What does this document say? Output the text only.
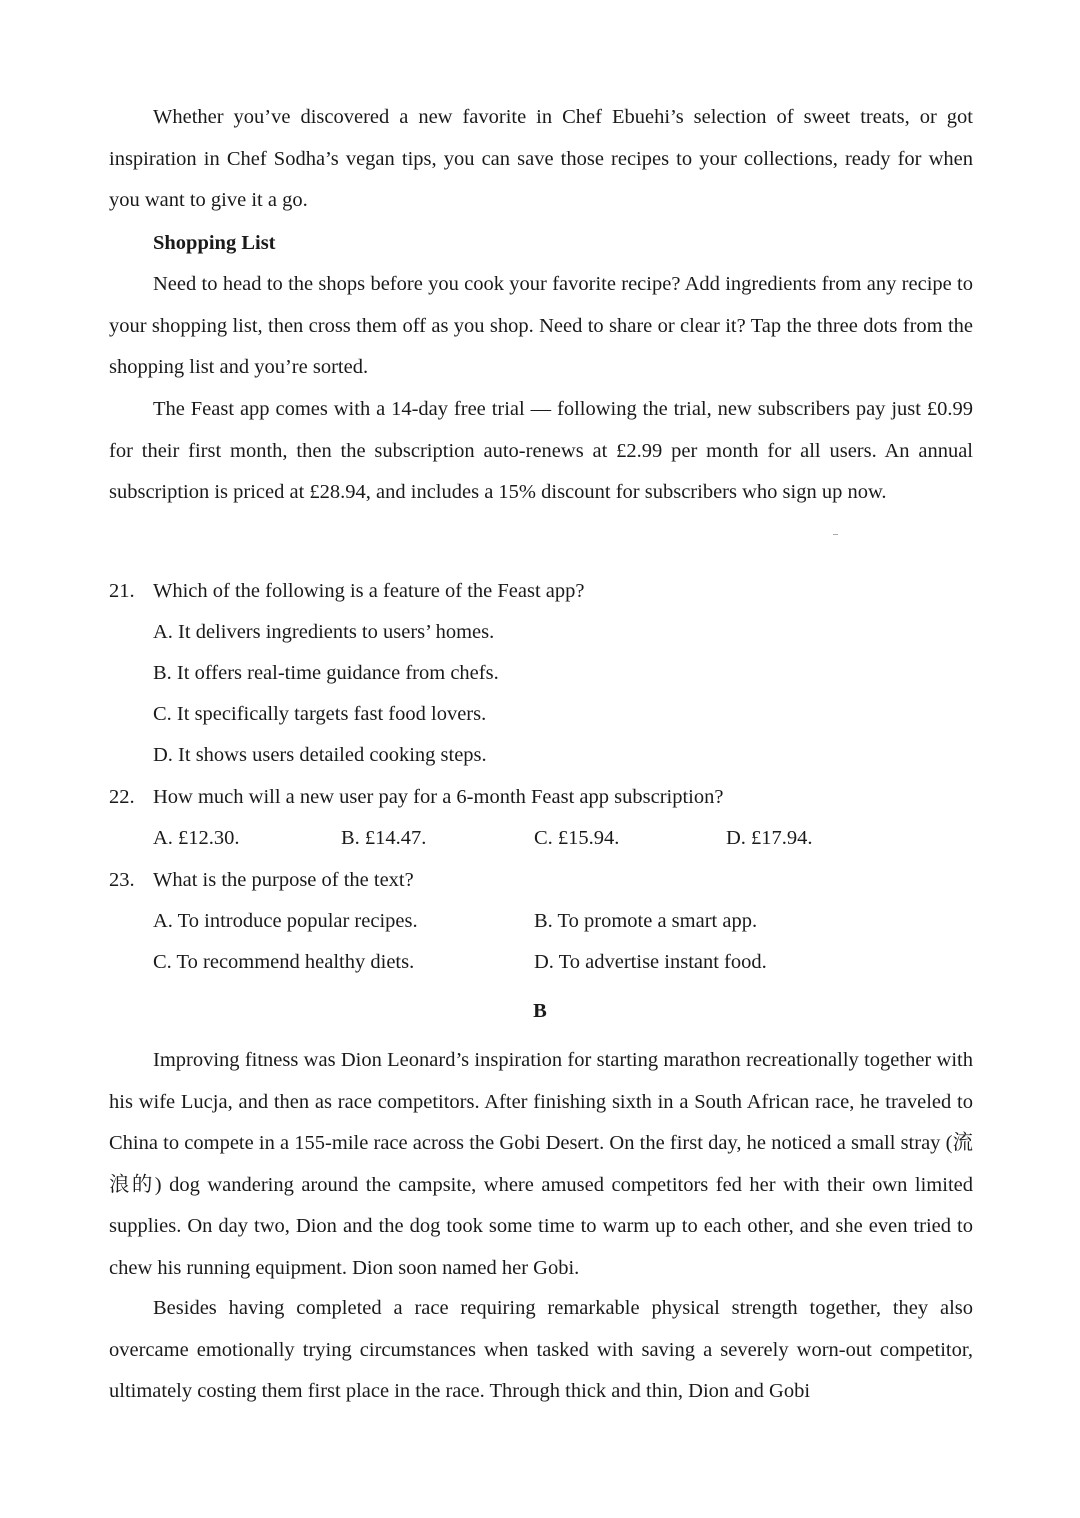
Whether you’ve discovered a new favorite in Chef Ebuehi’s selection of sweet treats, or got inspiration in Chef Sodha’s vegan tips, you can save those recipes to your collections, ready for when you want to give it a go.

Shopping List

Need to head to the shops before you cook your favorite recipe? Add ingredients from any recipe to your shopping list, then cross them off as you shop. Need to share or clear it? Tap the three dots from the shopping list and you’re sorted.

The Feast app comes with a 14-day free trial — following the trial, new subscribers pay just £0.99 for their first month, then the subscription auto-renews at £2.99 per month for all users. An annual subscription is priced at £28.94, and includes a 15% discount for subscribers who sign up now.

21. Which of the following is a feature of the Feast app?

A. It delivers ingredients to users’ homes.

B. It offers real-time guidance from chefs.

C. It specifically targets fast food lovers.

D. It shows users detailed cooking steps.

22. How much will a new user pay for a 6-month Feast app subscription?

A. £12.30.	B. £14.47.	C. £15.94.	D. £17.94.

23. What is the purpose of the text?

A. To introduce popular recipes.	B. To promote a smart app.

C. To recommend healthy diets.	D. To advertise instant food.

B

Improving fitness was Dion Leonard’s inspiration for starting marathon recreationally together with his wife Lucja, and then as race competitors. After finishing sixth in a South African race, he traveled to China to compete in a 155-mile race across the Gobi Desert. On the first day, he noticed a small stray (流浪的) dog wandering around the campsite, where amused competitors fed her with their own limited supplies. On day two, Dion and the dog took some time to warm up to each other, and she even tried to chew his running equipment. Dion soon named her Gobi.

Besides having completed a race requiring remarkable physical strength together, they also overcame emotionally trying circumstances when tasked with saving a severely worn-out competitor, ultimately costing them first place in the race. Through thick and thin, Dion and Gobi
